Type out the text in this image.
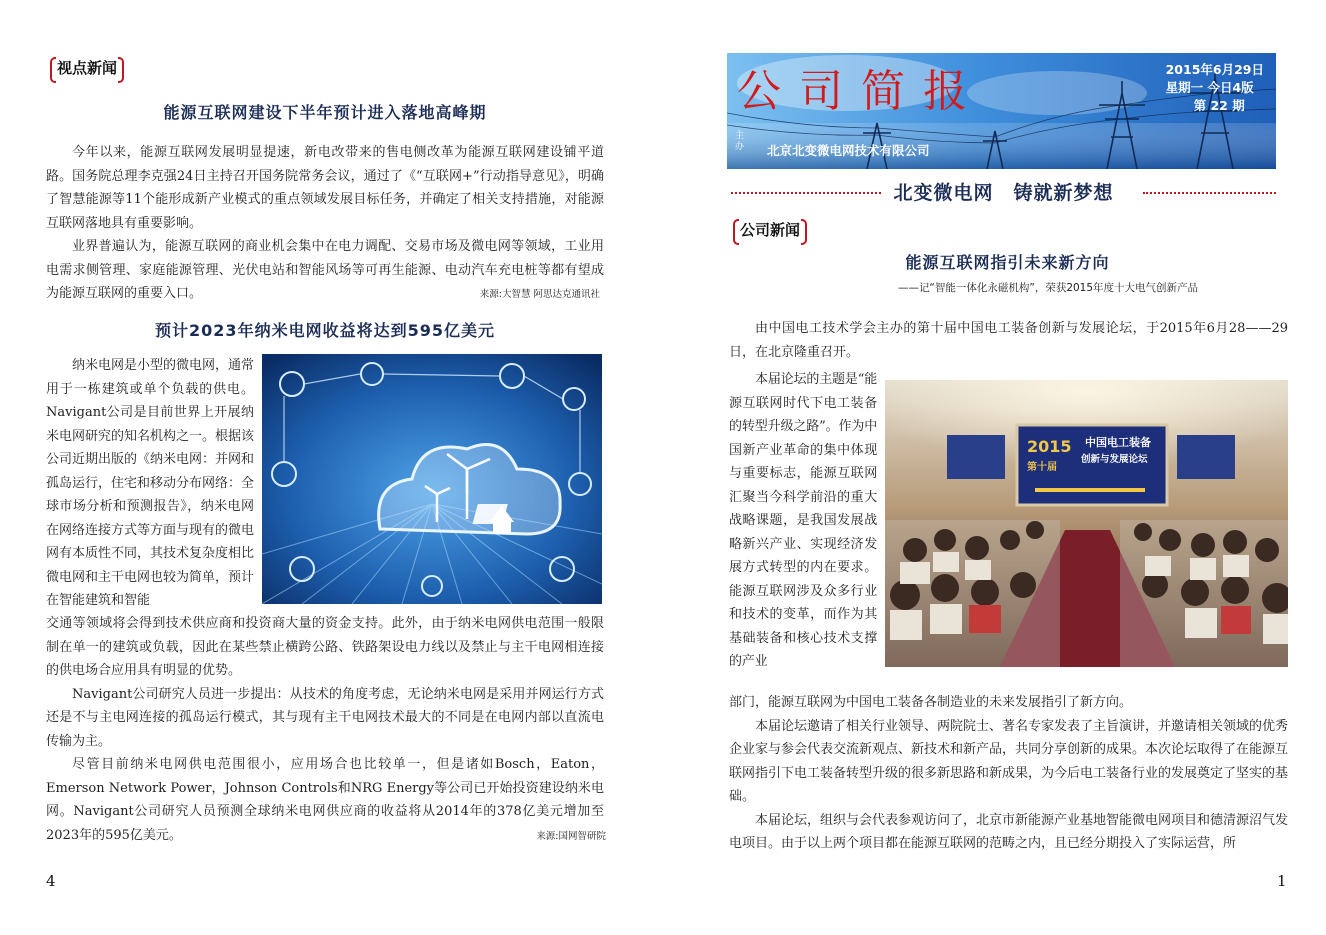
视点新闻
能源互联网建设下半年预计进入落地高峰期

今年以来，能源互联网发展明显提速，新电改带来的售电侧改革为能源互联网建设铺平道路。国务院总理李克强24日主持召开国务院常务会议，通过了《“互联网+”行动指导意见》，明确了智慧能源等11个能形成新产业模式的重点领域发展目标任务，并确定了相关支持措施，对能源互联网落地具有重要影响。

业界普遍认为，能源互联网的商业机会集中在电力调配、交易市场及微电网等领域，工业用电需求侧管理、家庭能源管理、光伏电站和智能风场等可再生能源、电动汽车充电桩等都有望成为能源互联网的重要入口。	来源:大智慧 阿思达克通讯社
预计2023年纳米电网收益将达到595亿美元

纳米电网是小型的微电网，通常用于一栋建筑或单个负载的供电。Navigant公司是目前世界上开展纳米电网研究的知名机构之一。根据该公司近期出版的《纳米电网：并网和孤岛运行，住宅和移动分布网络：全球市场分析和预测报告》，纳米电网在网络连接方式等方面与现有的微电网有本质性不同，其技术复杂度相比微电网和主干电网也较为简单，预计在智能建筑和智能

交通等领域将会得到技术供应商和投资商大量的资金支持。此外，由于纳米电网供电范围一般限制在单一的建筑或负载，因此在某些禁止横跨公路、铁路架设电力线以及禁止与主干电网相连接的供电场合应用具有明显的优势。

Navigant公司研究人员进一步提出：从技术的角度考虑，无论纳米电网是采用并网运行方式还是不与主电网连接的孤岛运行模式，其与现有主干电网技术最大的不同是在电网内部以直流电传输为主。

尽管目前纳米电网供电范围很小，应用场合也比较单一，但是诸如Bosch，Eaton，Emerson Network Power，Johnson Controls和NRG Energy等公司已开始投资建设纳米电网。Navigant公司研究人员预测全球纳米电网供应商的收益将从2014年的378亿美元增加至2023年的595亿美元。	来源:国网智研院
4
公司简报	2015年6月29日
星期一 今日4版
第 22 期
主办 北京北变微电网技术有限公司
北变微电网　铸就新梦想
公司新闻
能源互联网指引未来新方向
——记“智能一体化永磁机构”，荣获2015年度十大电气创新产品

由中国电工技术学会主办的第十届中国电工装备创新与发展论坛，于2015年6月28——29日，在北京隆重召开。

本届论坛的主题是“能源互联网时代下电工装备的转型升级之路”。作为中国新产业革命的集中体现与重要标志，能源互联网汇聚当今科学前沿的重大战略课题，是我国发展战略新兴产业、实现经济发展方式转型的内在要求。能源互联网涉及众多行业和技术的变革，而作为其基础装备和核心技术支撑的产业

2015
第十届
中国电工装备
创新与发展论坛

部门，能源互联网为中国电工装备各制造业的未来发展指引了新方向。

本届论坛邀请了相关行业领导、两院院士、著名专家发表了主旨演讲，并邀请相关领域的优秀企业家与参会代表交流新观点、新技术和新产品，共同分享创新的成果。本次论坛取得了在能源互联网指引下电工装备转型升级的很多新思路和新成果，为今后电工装备行业的发展奠定了坚实的基础。

本届论坛，组织与会代表参观访问了，北京市新能源产业基地智能微电网项目和德清源沼气发电项目。由于以上两个项目都在能源互联网的范畴之内，且已经分期投入了实际运营，所

1
